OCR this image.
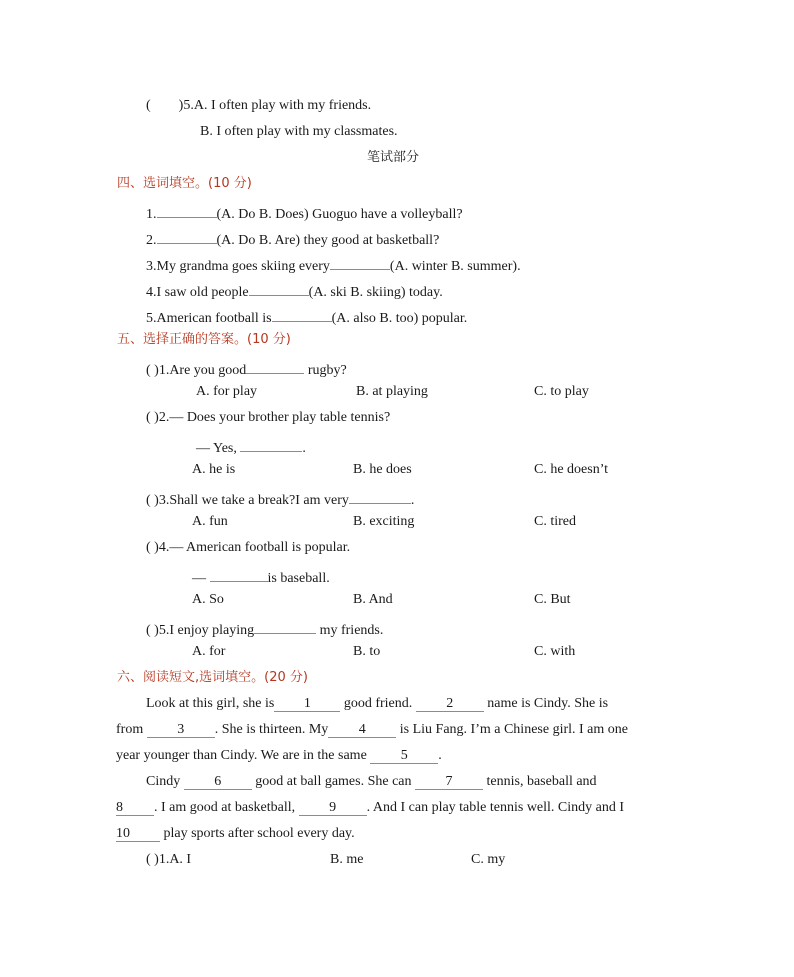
( )5.A. I often play with my friends.
B. I often play with my classmates.
笔试部分
四、选词填空。(10 分)
1.	(A. Do B. Does) Guoguo have a volleyball?
2.	(A. Do B. Are) they good at basketball?
3.My grandma goes skiing every	(A. winter B. summer).
4.I saw old people	(A. ski B. skiing) today.
5.American football is	(A. also B. too) popular.
五、选择正确的答案。(10 分)
( )1.Are you good	rugby?
A. for play	B. at playing	C. to play
( )2.— Does your brother play table tennis?
— Yes,	.
A. he is	B. he does	C. he doesn’t
( )3.Shall we take a break?I am very	.
A. fun	B. exciting	C. tired
( )4.— American football is popular.
—	is baseball.
A. So	B. And	C. But
( )5.I enjoy playing	my friends.
A. for	B. to	C. with
六、阅读短文,选词填空。(20 分)
Look at this girl, she is 1 good friend. 2 name is Cindy. She is
from 3 . She is thirteen. My 4 is Liu Fang. I’m a Chinese girl. I am one
year younger than Cindy. We are in the same 5 .
Cindy 6 good at ball games. She can 7 tennis, baseball and
8 . I am good at basketball, 9 . And I can play table tennis well. Cindy and I
10 play sports after school every day.
( )1.A. I	B. me	C. my
